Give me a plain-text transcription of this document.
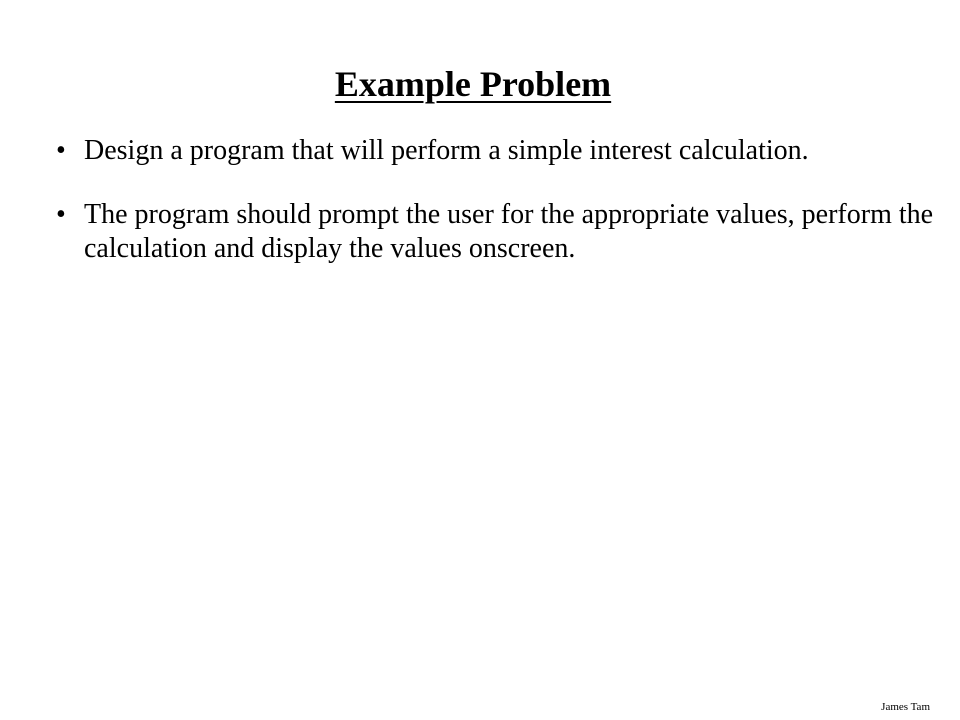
Example Problem
• Design a program that will perform a simple interest calculation.
• The program should prompt the user for the appropriate values, perform the calculation and display the values onscreen.
James Tam
